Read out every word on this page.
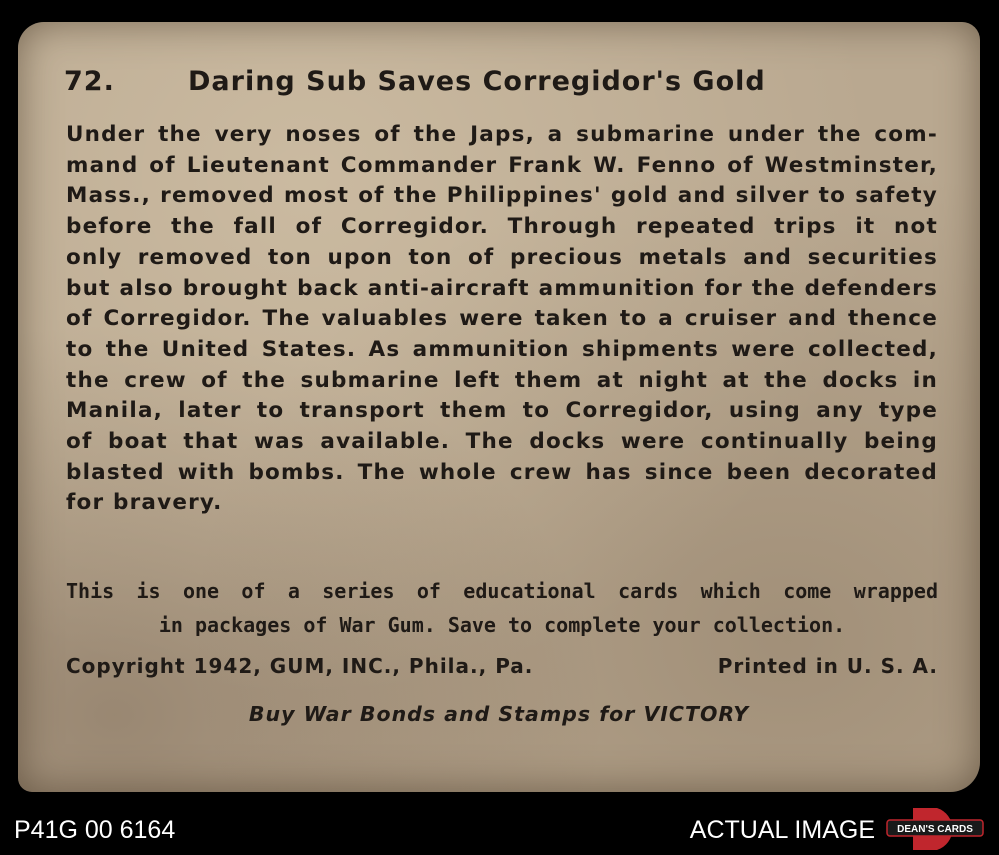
72.	Daring Sub Saves Corregidor's Gold
Under the very noses of the Japs, a submarine under the com-
mand of Lieutenant Commander Frank W. Fenno of Westminster,
Mass., removed most of the Philippines' gold and silver to safety
before the fall of Corregidor. Through repeated trips it not
only removed ton upon ton of precious metals and securities
but also brought back anti-aircraft ammunition for the defenders
of Corregidor. The valuables were taken to a cruiser and thence
to the United States. As ammunition shipments were collected,
the crew of the submarine left them at night at the docks in
Manila, later to transport them to Corregidor, using any type
of boat that was available. The docks were continually being
blasted with bombs. The whole crew has since been decorated
for bravery.
This is one of a series of educational cards which come wrapped
in packages of War Gum. Save to complete your collection.
Copyright 1942, GUM, INC., Phila., Pa.	Printed in U. S. A.
Buy War Bonds and Stamps for VICTORY
P41G 00 6164	ACTUAL IMAGE DEAN'S CARDS
